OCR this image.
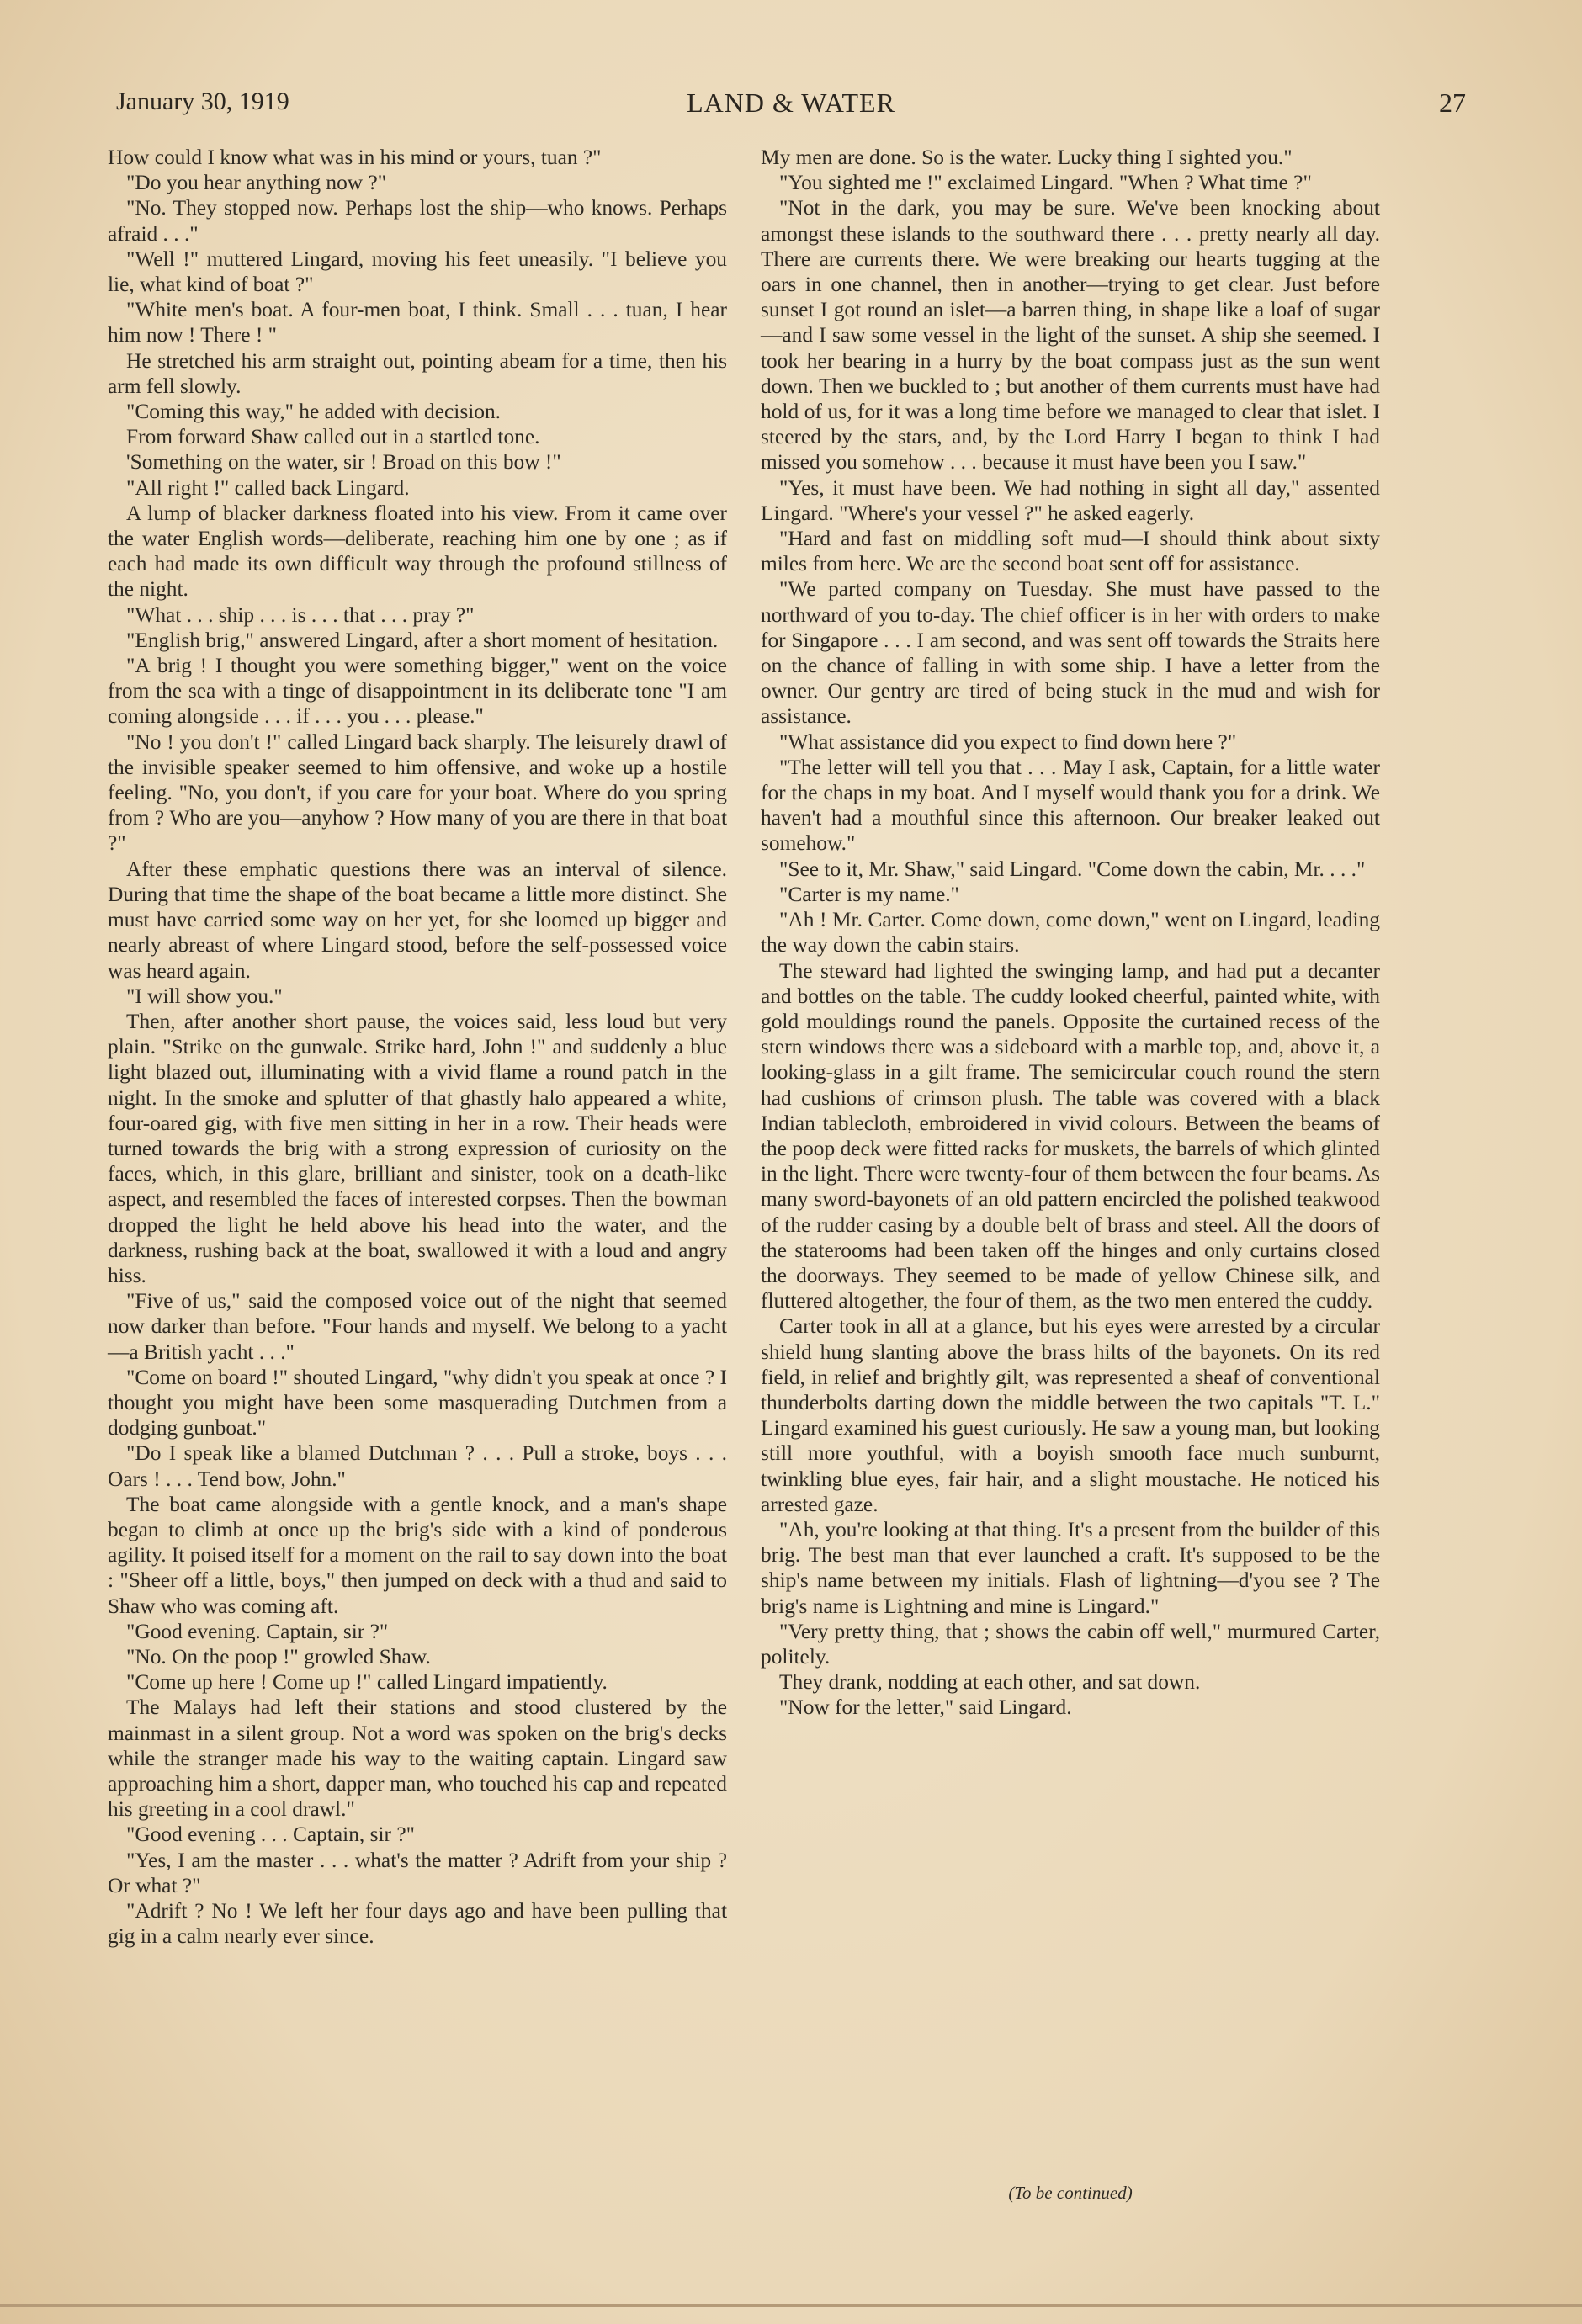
January 30, 1919	LAND & WATER	27

How could I know what was in his mind or yours, tuan ?"

"Do you hear anything now ?"

"No. They stopped now. Perhaps lost the ship—who knows. Perhaps afraid . . ."

"Well !" muttered Lingard, moving his feet uneasily. "I believe you lie, what kind of boat ?"

"White men's boat. A four-men boat, I think. Small . . . tuan, I hear him now ! There ! "

He stretched his arm straight out, pointing abeam for a time, then his arm fell slowly.

"Coming this way," he added with decision.

From forward Shaw called out in a startled tone.

'Something on the water, sir ! Broad on this bow !"

"All right !" called back Lingard.

A lump of blacker darkness floated into his view. From it came over the water English words—deliberate, reaching him one by one ; as if each had made its own difficult way through the profound stillness of the night.

"What . . . ship . . . is . . . that . . . pray ?"

"English brig," answered Lingard, after a short moment of hesitation.

"A brig ! I thought you were something bigger," went on the voice from the sea with a tinge of disappointment in its deliberate tone "I am coming alongside . . . if . . . you . . . please."

"No ! you don't !" called Lingard back sharply. The leisurely drawl of the invisible speaker seemed to him offensive, and woke up a hostile feeling. "No, you don't, if you care for your boat. Where do you spring from ? Who are you—anyhow ? How many of you are there in that boat ?"

After these emphatic questions there was an interval of silence. During that time the shape of the boat became a little more distinct. She must have carried some way on her yet, for she loomed up bigger and nearly abreast of where Lingard stood, before the self-possessed voice was heard again.

"I will show you."

Then, after another short pause, the voices said, less loud but very plain. "Strike on the gunwale. Strike hard, John !" and suddenly a blue light blazed out, illuminating with a vivid flame a round patch in the night. In the smoke and splutter of that ghastly halo appeared a white, four-oared gig, with five men sitting in her in a row. Their heads were turned towards the brig with a strong expression of curiosity on the faces, which, in this glare, brilliant and sinister, took on a death-like aspect, and resembled the faces of interested corpses. Then the bowman dropped the light he held above his head into the water, and the darkness, rushing back at the boat, swallowed it with a loud and angry hiss.

"Five of us," said the composed voice out of the night that seemed now darker than before. "Four hands and myself. We belong to a yacht—a British yacht . . ."

"Come on board !" shouted Lingard, "why didn't you speak at once ? I thought you might have been some masquerading Dutchmen from a dodging gunboat."

"Do I speak like a blamed Dutchman ? . . . Pull a stroke, boys . . . Oars ! . . . Tend bow, John."

The boat came alongside with a gentle knock, and a man's shape began to climb at once up the brig's side with a kind of ponderous agility. It poised itself for a moment on the rail to say down into the boat : "Sheer off a little, boys," then jumped on deck with a thud and said to Shaw who was coming aft.

"Good evening. Captain, sir ?"

"No. On the poop !" growled Shaw.

"Come up here ! Come up !" called Lingard impatiently.

The Malays had left their stations and stood clustered by the mainmast in a silent group. Not a word was spoken on the brig's decks while the stranger made his way to the waiting captain. Lingard saw approaching him a short, dapper man, who touched his cap and repeated his greeting in a cool drawl."

"Good evening . . . Captain, sir ?"

"Yes, I am the master . . . what's the matter ? Adrift from your ship ? Or what ?"

"Adrift ? No ! We left her four days ago and have been pulling that gig in a calm nearly ever since.

My men are done. So is the water. Lucky thing I sighted you."

"You sighted me !" exclaimed Lingard. "When ? What time ?"

"Not in the dark, you may be sure. We've been knocking about amongst these islands to the southward there . . . pretty nearly all day. There are currents there. We were breaking our hearts tugging at the oars in one channel, then in another—trying to get clear. Just before sunset I got round an islet—a barren thing, in shape like a loaf of sugar—and I saw some vessel in the light of the sunset. A ship she seemed. I took her bearing in a hurry by the boat compass just as the sun went down. Then we buckled to ; but another of them currents must have had hold of us, for it was a long time before we managed to clear that islet. I steered by the stars, and, by the Lord Harry I began to think I had missed you somehow . . . because it must have been you I saw."

"Yes, it must have been. We had nothing in sight all day," assented Lingard. "Where's your vessel ?" he asked eagerly.

"Hard and fast on middling soft mud—I should think about sixty miles from here. We are the second boat sent off for assistance.

"We parted company on Tuesday. She must have passed to the northward of you to-day. The chief officer is in her with orders to make for Singapore . . . I am second, and was sent off towards the Straits here on the chance of falling in with some ship. I have a letter from the owner. Our gentry are tired of being stuck in the mud and wish for assistance.

"What assistance did you expect to find down here ?"

"The letter will tell you that . . . May I ask, Captain, for a little water for the chaps in my boat. And I myself would thank you for a drink. We haven't had a mouthful since this afternoon. Our breaker leaked out somehow."

"See to it, Mr. Shaw," said Lingard. "Come down the cabin, Mr. . . ."

"Carter is my name."

"Ah ! Mr. Carter. Come down, come down," went on Lingard, leading the way down the cabin stairs.

The steward had lighted the swinging lamp, and had put a decanter and bottles on the table. The cuddy looked cheerful, painted white, with gold mouldings round the panels. Opposite the curtained recess of the stern windows there was a sideboard with a marble top, and, above it, a looking-glass in a gilt frame. The semicircular couch round the stern had cushions of crimson plush. The table was covered with a black Indian tablecloth, embroidered in vivid colours. Between the beams of the poop deck were fitted racks for muskets, the barrels of which glinted in the light. There were twenty-four of them between the four beams. As many sword-bayonets of an old pattern encircled the polished teakwood of the rudder casing by a double belt of brass and steel. All the doors of the staterooms had been taken off the hinges and only curtains closed the doorways. They seemed to be made of yellow Chinese silk, and fluttered altogether, the four of them, as the two men entered the cuddy.

Carter took in all at a glance, but his eyes were arrested by a circular shield hung slanting above the brass hilts of the bayonets. On its red field, in relief and brightly gilt, was represented a sheaf of conventional thunderbolts darting down the middle between the two capitals "T. L." Lingard examined his guest curiously. He saw a young man, but looking still more youthful, with a boyish smooth face much sunburnt, twinkling blue eyes, fair hair, and a slight moustache. He noticed his arrested gaze.

"Ah, you're looking at that thing. It's a present from the builder of this brig. The best man that ever launched a craft. It's supposed to be the ship's name between my initials. Flash of lightning—d'you see ? The brig's name is Lightning and mine is Lingard."

"Very pretty thing, that ; shows the cabin off well," murmured Carter, politely.

They drank, nodding at each other, and sat down.

"Now for the letter," said Lingard.

(To be continued)
